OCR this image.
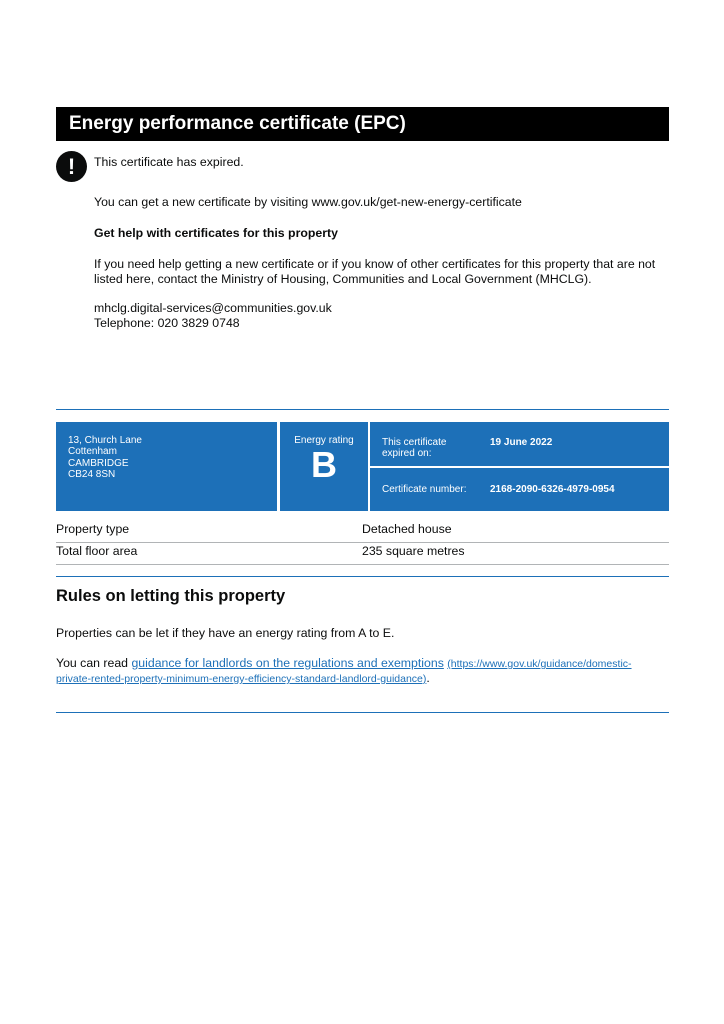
Energy performance certificate (EPC)
!	This certificate has expired.
You can get a new certificate by visiting www.gov.uk/get-new-energy-certificate
Get help with certificates for this property
If you need help getting a new certificate or if you know of other certificates for this property that are not listed here, contact the Ministry of Housing, Communities and Local Government (MHCLG).
mhclg.digital-services@communities.gov.uk
Telephone: 020 3829 0748
13, Church Lane
Cottenham
CAMBRIDGE
CB24 8SN
Energy rating
B
This certificate expired on:
19 June 2022
Certificate number:	2168-2090-6326-4979-0954
Property type	Detached house
Total floor area	235 square metres
Rules on letting this property
Properties can be let if they have an energy rating from A to E.
You can read guidance for landlords on the regulations and exemptions (https://www.gov.uk/guidance/domestic-private-rented-property-minimum-energy-efficiency-standard-landlord-guidance).
